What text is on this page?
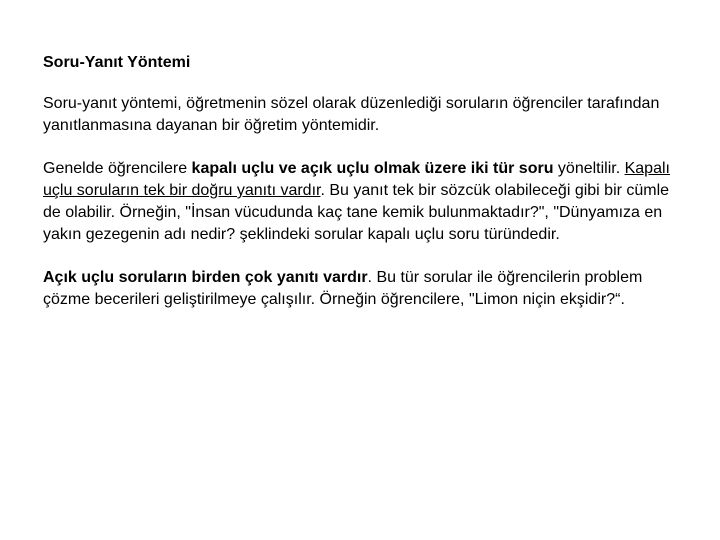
Soru-Yanıt Yöntemi
Soru-yanıt yöntemi, öğretmenin sözel olarak düzenlediği soruların öğrenciler tarafından yanıtlanmasına dayanan bir öğretim yöntemidir.
Genelde öğrencilere kapalı uçlu ve açık uçlu olmak üzere iki tür soru yöneltilir. Kapalı uçlu soruların tek bir doğru yanıtı vardır. Bu yanıt tek bir sözcük olabileceği gibi bir cümle de olabilir. Örneğin, "İnsan vücudunda kaç tane kemik bulunmaktadır?", "Dünyamıza en yakın gezegenin adı nedir? şeklindeki sorular kapalı uçlu soru türündedir.
Açık uçlu soruların birden çok yanıtı vardır. Bu tür sorular ile öğrencilerin problem çözme becerileri geliştirilmeye çalışılır. Örneğin öğrencilere, "Limon niçin ekşidir?“.
